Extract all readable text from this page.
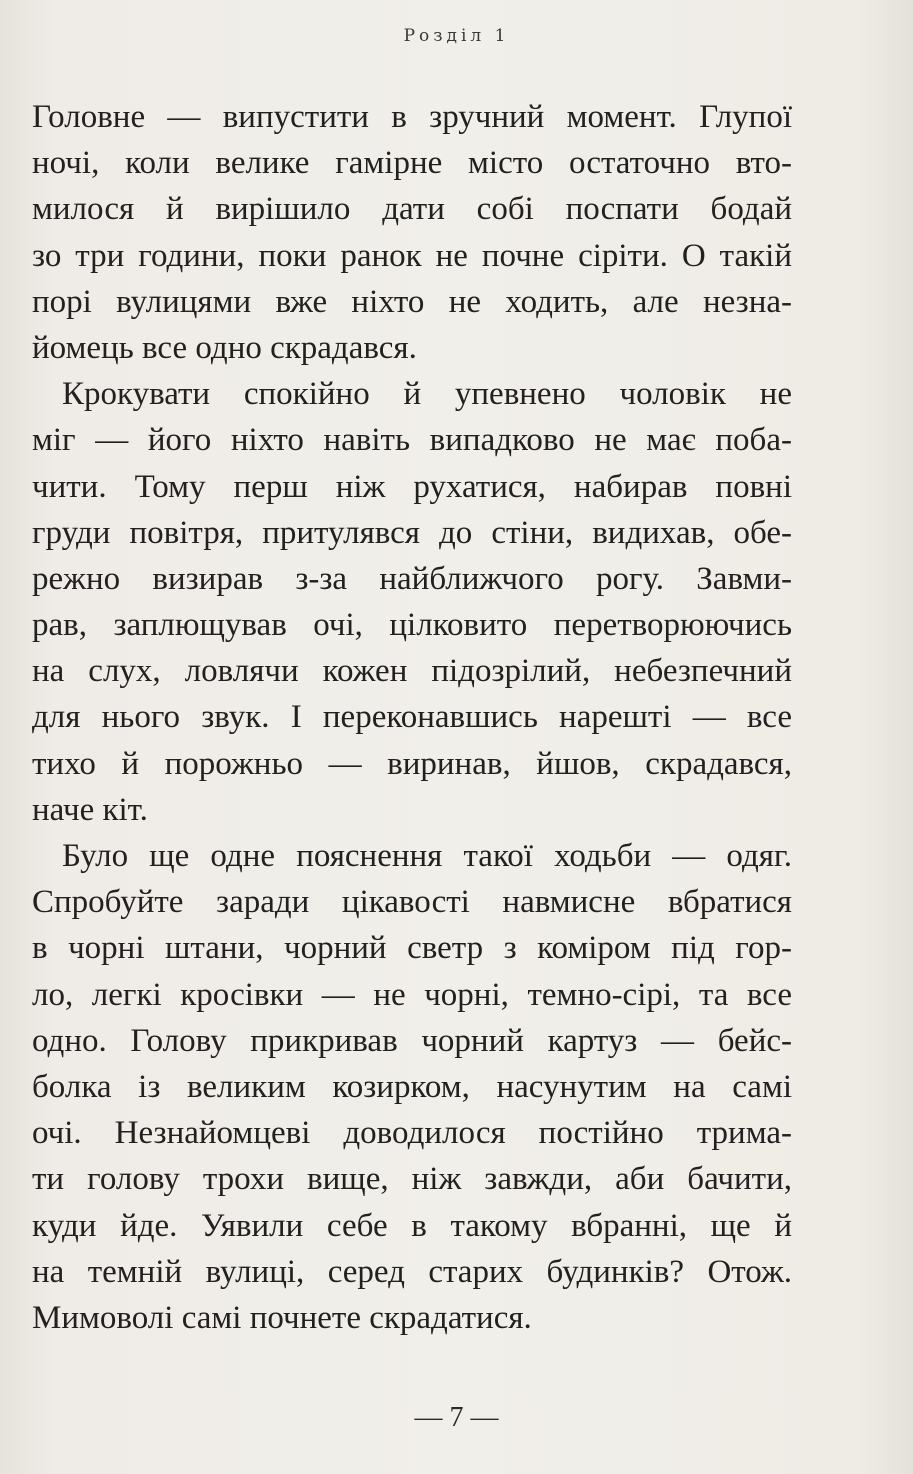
Розділ 1
Головне — випустити в зручний момент. Глупої
ночі, коли велике гамірне місто остаточно вто-
милося й вирішило дати собі поспати бодай
зо три години, поки ранок не почне сіріти. О такій
порі вулицями вже ніхто не ходить, але незна-
йомець все одно скрадався.
Крокувати спокійно й упевнено чоловік не
міг — його ніхто навіть випадково не має поба-
чити. Тому перш ніж рухатися, набирав повні
груди повітря, притулявся до стіни, видихав, обе-
режно визирав з-за найближчого рогу. Завми-
рав, заплющував очі, цілковито перетворюючись
на слух, ловлячи кожен підозрілий, небезпечний
для нього звук. І переконавшись нарешті — все
тихо й порожньо — виринав, йшов, скрадався,
наче кіт.
Було ще одне пояснення такої ходьби — одяг.
Спробуйте заради цікавості навмисне вбратися
в чорні штани, чорний светр з коміром під гор-
ло, легкі кросівки — не чорні, темно-сірі, та все
одно. Голову прикривав чорний картуз — бейс-
болка із великим козирком, насунутим на самі
очі. Незнайомцеві доводилося постійно трима-
ти голову трохи вище, ніж завжди, аби бачити,
куди йде. Уявили себе в такому вбранні, ще й
на темній вулиці, серед старих будинків? Отож.
Мимоволі самі почнете скрадатися.
— 7 —
